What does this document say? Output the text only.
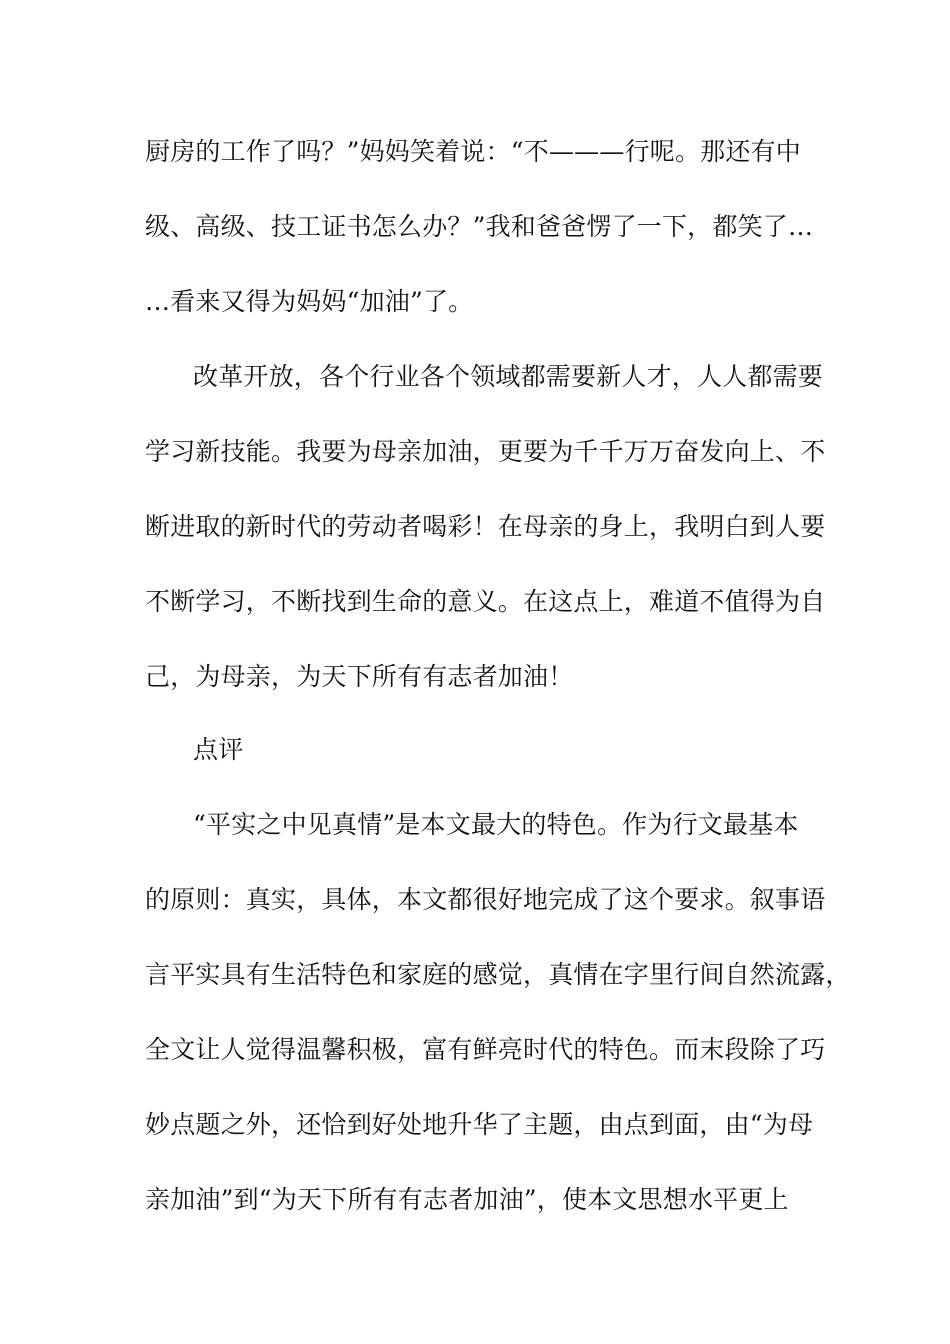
厨房的工作了吗？”妈妈笑着说：“不———行呢。那还有中
级、高级、技工证书怎么办？”我和爸爸愣了一下，都笑了…
…看来又得为妈妈“加油”了。
改革开放，各个行业各个领域都需要新人才，人人都需要
学习新技能。我要为母亲加油，更要为千千万万奋发向上、不
断进取的新时代的劳动者喝彩！在母亲的身上，我明白到人要
不断学习，不断找到生命的意义。在这点上，难道不值得为自
己，为母亲，为天下所有有志者加油！
点评
“平实之中见真情”是本文最大的特色。作为行文最基本
的原则：真实，具体，本文都很好地完成了这个要求。叙事语
言平实具有生活特色和家庭的感觉，真情在字里行间自然流露，
全文让人觉得温馨积极，富有鲜亮时代的特色。而末段除了巧
妙点题之外，还恰到好处地升华了主题，由点到面，由“为母
亲加油”到“为天下所有有志者加油”，使本文思想水平更上
